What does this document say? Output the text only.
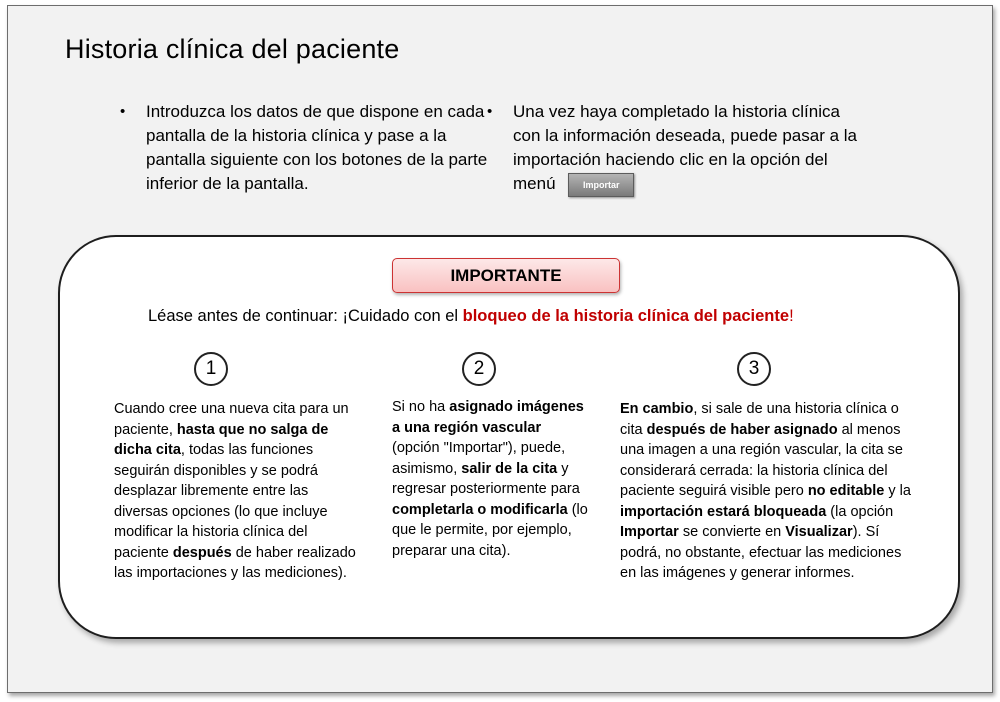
Historia clínica del paciente
•	Introduzca los datos de que dispone en cada pantalla de la historia clínica y pase a la pantalla siguiente con los botones de la parte inferior de la pantalla.
•	Una vez haya completado la historia clínica con la información deseada, puede pasar a la importación haciendo clic en la opción del menú	Importar
IMPORTANTE
Léase antes de continuar: ¡Cuidado con el bloqueo de la historia clínica del paciente!
1	2	3
Cuando cree una nueva cita para un paciente, hasta que no salga de dicha cita, todas las funciones seguirán disponibles y se podrá desplazar libremente entre las diversas opciones (lo que incluye modificar la historia clínica del paciente después de haber realizado las importaciones y las mediciones).
Si no ha asignado imágenes a una región vascular (opción "Importar"), puede, asimismo, salir de la cita y regresar posteriormente para completarla o modificarla (lo que le permite, por ejemplo, preparar una cita).
En cambio, si sale de una historia clínica o cita después de haber asignado al menos una imagen a una región vascular, la cita se considerará cerrada: la historia clínica del paciente seguirá visible pero no editable y la importación estará bloqueada (la opción Importar se convierte en Visualizar). Sí podrá, no obstante, efectuar las mediciones en las imágenes y generar informes.
